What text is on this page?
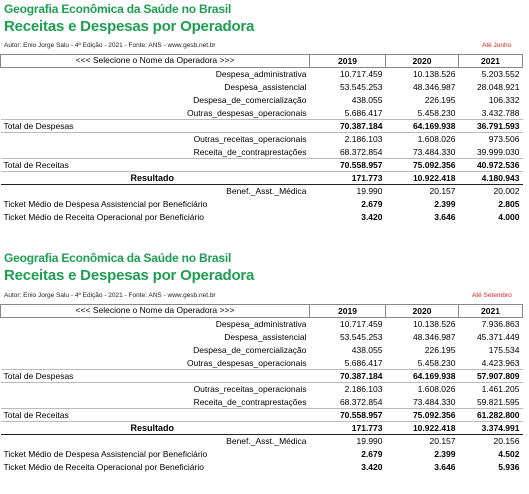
Geografia Econômica da Saúde no Brasil
Receitas e Despesas por Operadora
Autor: Enio Jorge Salu - 4ª Edição - 2021 - Fonte: ANS - www.gesb.net.br	Até Junho
<<< Selecione o Nome da Operadora >>>	2019	2020	2021

Despesa_administrativa	10.717.459	10.138.526	5.203.552
Despesa_assistencial	53.545.253	48.346.987	28.048.921
Despesa_de_comercialização	438.055	226.195	106.332
Outras_despesas_operacionais	5.686.417	5.458.230	3.432.788
Total de Despesas	70.387.184	64.169.938	36.791.593
Outras_receitas_operacionais	2.186.103	1.608.026	973.506
Receita_de_contraprestações	68.372.854	73.484.330	39.999.030
Total de Receitas	70.558.957	75.092.356	40.972.536
Resultado	171.773	10.922.418	4.180.943
Benef._Asst._Médica	19.990	20.157	20.002
Ticket Médio de Despesa Assistencial por Beneficiário	2.679	2.399	2.805
Ticket Médio de Receita Operacional por Beneficiário	3.420	3.646	4.000
Geografia Econômica da Saúde no Brasil
Receitas e Despesas por Operadora
Autor: Enio Jorge Salu - 4ª Edição - 2021 - Fonte: ANS - www.gesb.net.br	Até Setembro
<<< Selecione o Nome da Operadora >>>	2019	2020	2021

Despesa_administrativa	10.717.459	10.138.526	7.936.863
Despesa_assistencial	53.545.253	48.346.987	45.371.449
Despesa_de_comercialização	438.055	226.195	175.534
Outras_despesas_operacionais	5.686.417	5.458.230	4.423.963
Total de Despesas	70.387.184	64.169.938	57.907.809
Outras_receitas_operacionais	2.186.103	1.608.026	1.461.205
Receita_de_contraprestações	68.372.854	73.484.330	59.821.595
Total de Receitas	70.558.957	75.092.356	61.282.800
Resultado	171.773	10.922.418	3.374.991
Benef._Asst._Médica	19.990	20.157	20.156
Ticket Médio de Despesa Assistencial por Beneficiário	2.679	2.399	4.502
Ticket Médio de Receita Operacional por Beneficiário	3.420	3.646	5.936
